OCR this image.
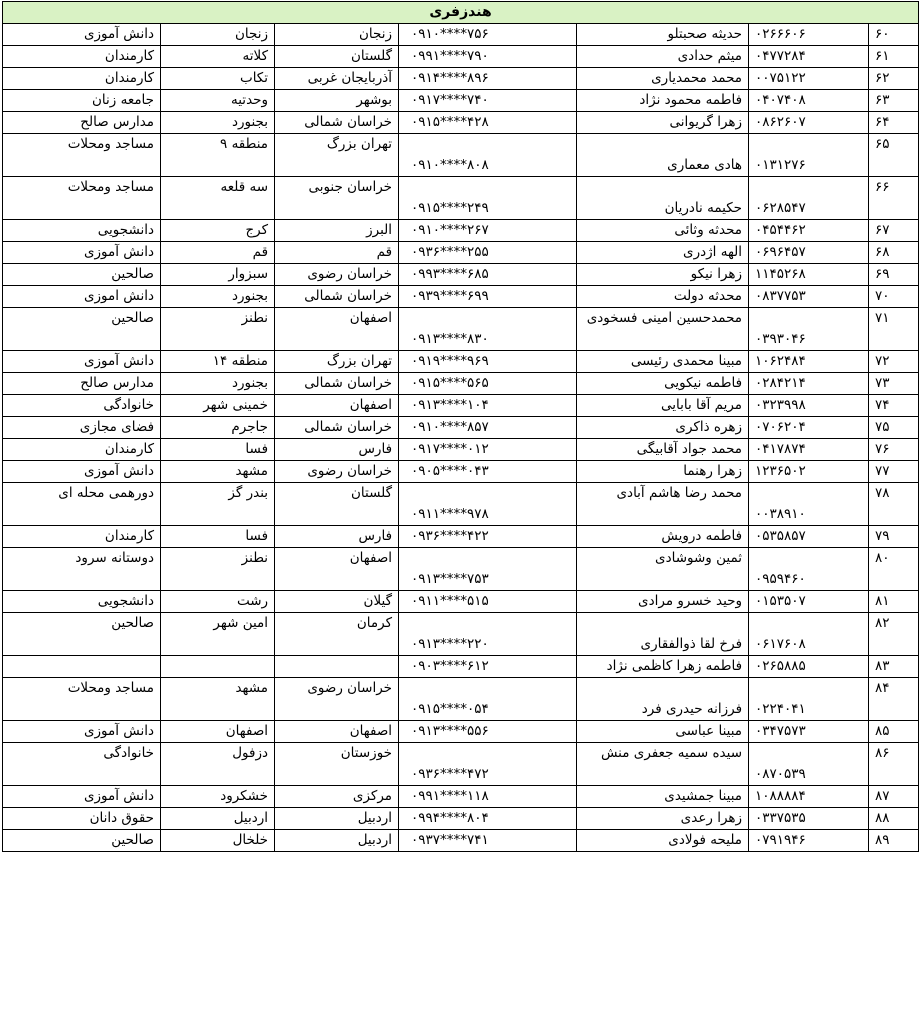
هندزفری						
۶۰	۰۲۶۶۶۰۶	حدیثه صحبتلو	۰۹۱۰****۷۵۶	زنجان	زنجان	دانش آموزی
۶۱	۰۴۷۷۲۸۴	میثم حدادی	۰۹۹۱****۷۹۰	گلستان	کلاته	کارمندان
۶۲	۰۰۷۵۱۲۲	محمد محمدیاری	۰۹۱۴****۸۹۶	آذربایجان غربی	تکاب	کارمندان
۶۳	۰۴۰۷۴۰۸	فاطمه محمود نژاد	۰۹۱۷****۷۴۰	بوشهر	وحدتیه	جامعه زنان
۶۴	۰۸۶۲۶۰۷	زهرا گریوانی	۰۹۱۵****۴۲۸	خراسان شمالی	بجنورد	مدارس صالح
۶۵	۰۱۳۱۲۷۶	هادی معماری	۰۹۱۰****۸۰۸	تهران بزرگ	منطقه ۹	مساجد ومحلات
۶۶	۰۶۲۸۵۴۷	حکیمه نادریان	۰۹۱۵****۲۴۹	خراسان جنوبی	سه قلعه	مساجد ومحلات
۶۷	۰۴۵۴۴۶۲	محدثه وثائی	۰۹۱۰****۲۶۷	البرز	کرج	دانشجویی
۶۸	۰۶۹۶۴۵۷	الهه اژدری	۰۹۳۶****۲۵۵	قم	قم	دانش آموزی
۶۹	۱۱۴۵۲۶۸	زهرا نیکو	۰۹۹۳****۶۸۵	خراسان رضوی	سبزوار	صالحین
۷۰	۰۸۳۷۷۵۳	محدثه دولت	۰۹۳۹****۶۹۹	خراسان شمالی	بجنورد	دانش اموزی
۷۱	۰۳۹۳۰۴۶	محمدحسین امینی فسخودی	۰۹۱۳****۸۳۰	اصفهان	نطنز	صالحین
۷۲	۱۰۶۲۴۸۴	مبینا محمدی رئیسی	۰۹۱۹****۹۶۹	تهران بزرگ	منطقه ۱۴	دانش آموزی
۷۳	۰۲۸۴۲۱۴	فاطمه نیکویی	۰۹۱۵****۵۶۵	خراسان شمالی	بجنورد	مدارس صالح
۷۴	۰۳۲۳۹۹۸	مریم آقا بابایی	۰۹۱۳****۱۰۴	اصفهان	خمینی شهر	خانوادگی
۷۵	۰۷۰۶۲۰۴	زهره ذاکری	۰۹۱۰****۸۵۷	خراسان شمالی	جاجرم	فضای مجازی
۷۶	۰۴۱۷۸۷۴	محمد جواد آقابیگی	۰۹۱۷****۰۱۲	فارس	فسا	کارمندان
۷۷	۱۲۳۶۵۰۲	زهرا رهنما	۰۹۰۵****۰۴۳	خراسان رضوی	مشهد	دانش آموزی
۷۸	۰۰۳۸۹۱۰	محمد رضا هاشم آبادی	۰۹۱۱****۹۷۸	گلستان	بندر گز	دورهمی محله ای
۷۹	۰۵۳۵۸۵۷	فاطمه درویش	۰۹۳۶****۴۲۲	فارس	فسا	کارمندان
۸۰	۰۹۵۹۴۶۰	ثمین وشوشادی	۰۹۱۳****۷۵۳	اصفهان	نطنز	دوستانه سرود
۸۱	۰۱۵۳۵۰۷	وحید خسرو مرادی	۰۹۱۱****۵۱۵	گیلان	رشت	دانشجویی
۸۲	۰۶۱۷۶۰۸	فرخ لقا ذوالفقاری	۰۹۱۳****۲۲۰	کرمان	امین شهر	صالحین
۸۳	۰۲۶۵۸۸۵	فاطمه زهرا کاظمی نژاد	۰۹۰۳****۶۱۲			
۸۴	۰۲۲۴۰۴۱	فرزانه حیدری فرد	۰۹۱۵****۰۵۴	خراسان رضوی	مشهد	مساجد ومحلات
۸۵	۰۳۴۷۵۷۳	مبینا عباسی	۰۹۱۳****۵۵۶	اصفهان	اصفهان	دانش آموزی
۸۶	۰۸۷۰۵۳۹	سیده سمیه جعفری منش	۰۹۳۶****۴۷۲	خوزستان	دزفول	خانوادگی
۸۷	۱۰۸۸۸۸۴	مبینا جمشیدی	۰۹۹۱****۱۱۸	مرکزی	خشکرود	دانش آموزی
۸۸	۰۳۳۷۵۳۵	زهرا رعدی	۰۹۹۴****۸۰۴	اردبیل	اردبیل	حقوق دانان
۸۹	۰۷۹۱۹۴۶	ملیحه فولادی	۰۹۳۷****۷۴۱	اردبیل	خلخال	صالحین
